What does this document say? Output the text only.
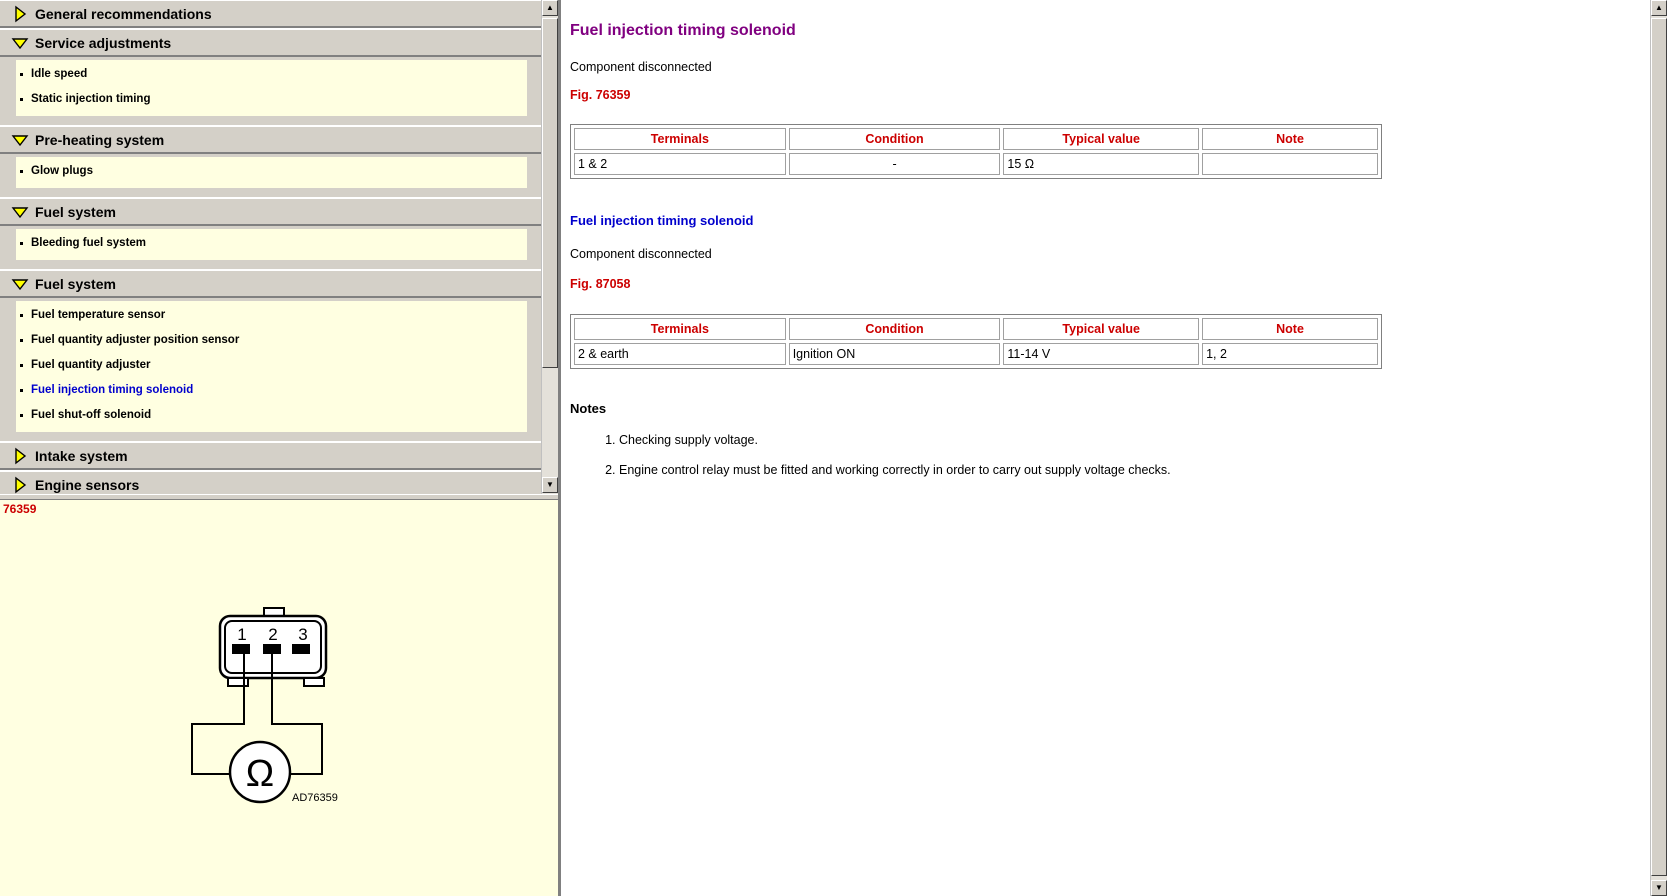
General recommendations
Service adjustments
Idle speed
Static injection timing
Pre-heating system
Glow plugs
Fuel system
Bleeding fuel system
Fuel system
Fuel temperature sensor
Fuel quantity adjuster position sensor
Fuel quantity adjuster
Fuel injection timing solenoid
Fuel shut-off solenoid
Intake system
Engine sensors
▲
▼
76359
1 2 3
Ω
AD76359
Fuel injection timing solenoid
Component disconnected
Fig. 76359
Terminals	Condition	Typical value	Note
1 & 2	-	15 Ω	
Fuel injection timing solenoid
Component disconnected
Fig. 87058
Terminals	Condition	Typical value	Note
2 & earth	Ignition ON	11-14 V	1, 2
Notes
1. Checking supply voltage.
2. Engine control relay must be fitted and working correctly in order to carry out supply voltage checks.
▲
▼
